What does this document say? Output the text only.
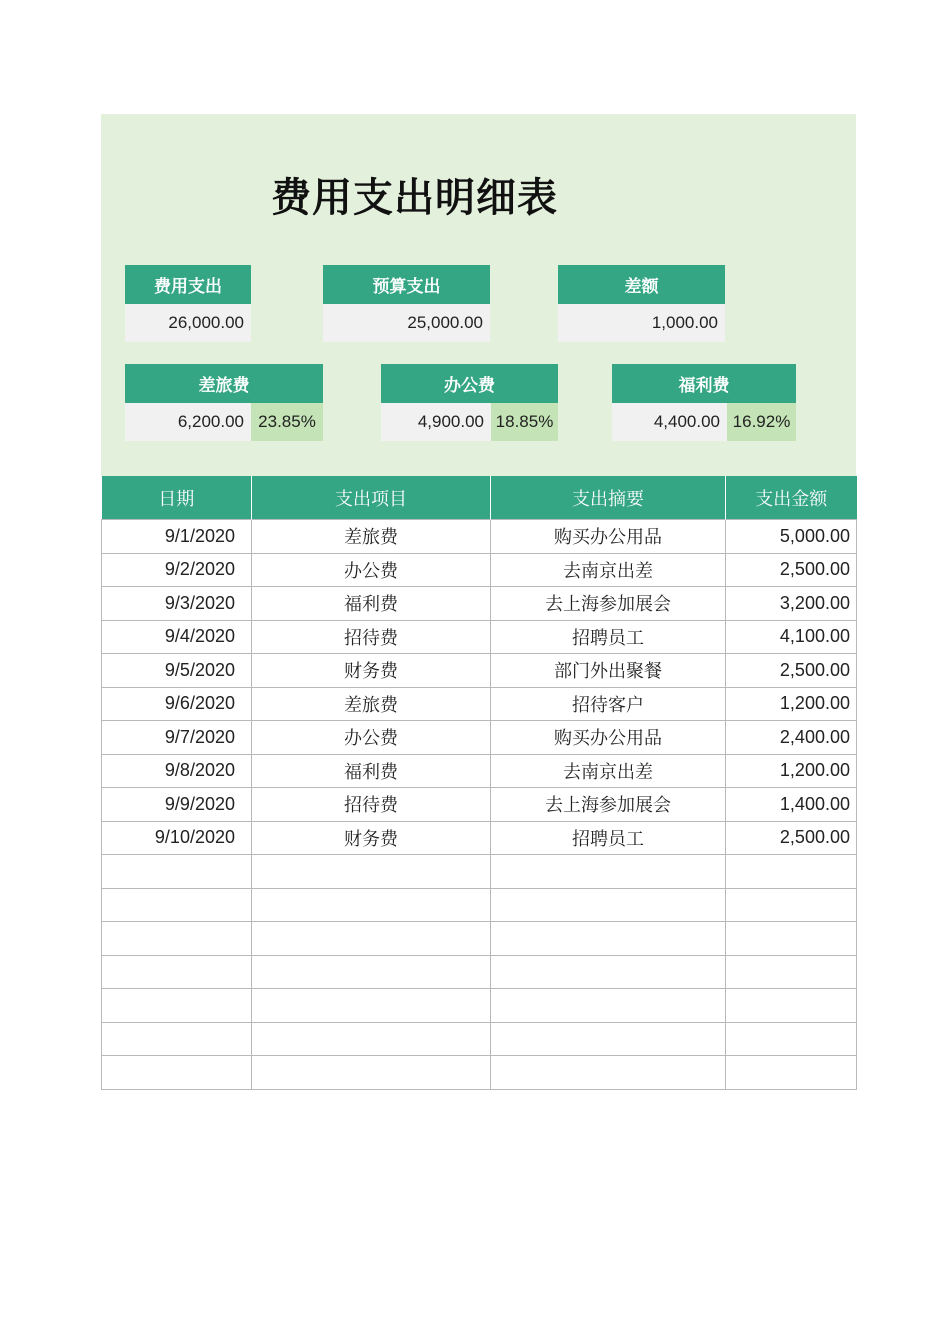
费用支出明细表
费用支出
26,000.00
预算支出
25,000.00
差额
1,000.00
差旅费
6,200.00 23.85%
办公费
4,900.00 18.85%
福利费
4,400.00 16.92%
日期	支出项目	支出摘要	支出金额
9/1/2020	差旅费	购买办公用品	5,000.00
9/2/2020	办公费	去南京出差	2,500.00
9/3/2020	福利费	去上海参加展会	3,200.00
9/4/2020	招待费	招聘员工	4,100.00
9/5/2020	财务费	部门外出聚餐	2,500.00
9/6/2020	差旅费	招待客户	1,200.00
9/7/2020	办公费	购买办公用品	2,400.00
9/8/2020	福利费	去南京出差	1,200.00
9/9/2020	招待费	去上海参加展会	1,400.00
9/10/2020	财务费	招聘员工	2,500.00
